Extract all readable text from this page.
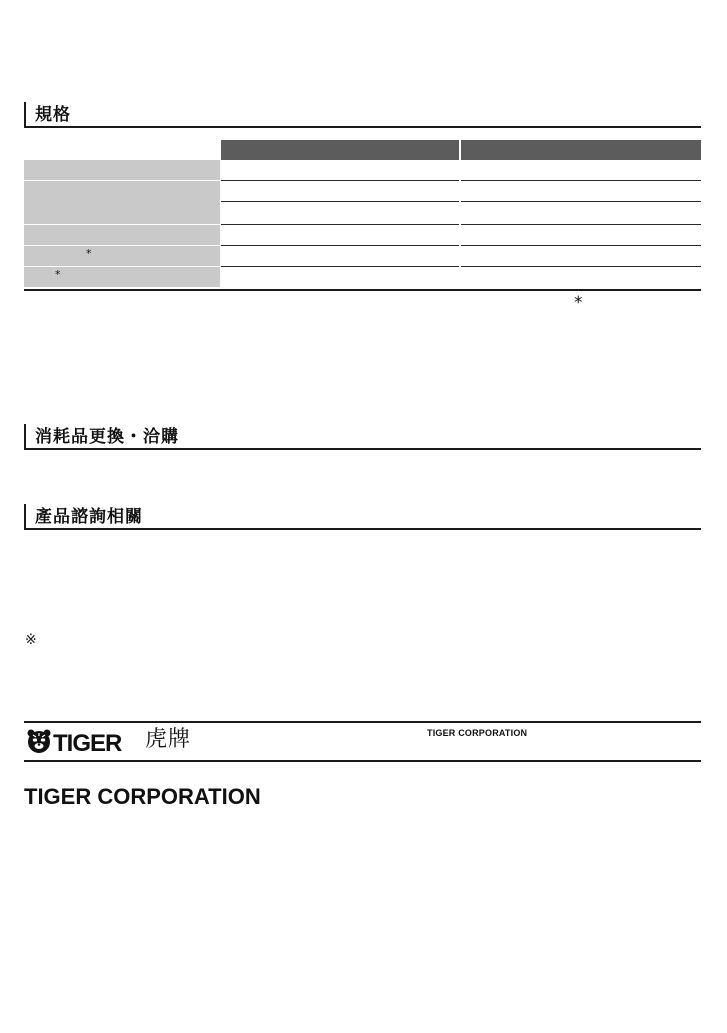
規格
*
*
*
消耗品更換・洽購
產品諮詢相關
※
TIGER 虎牌	TIGER CORPORATION
TIGER CORPORATION
